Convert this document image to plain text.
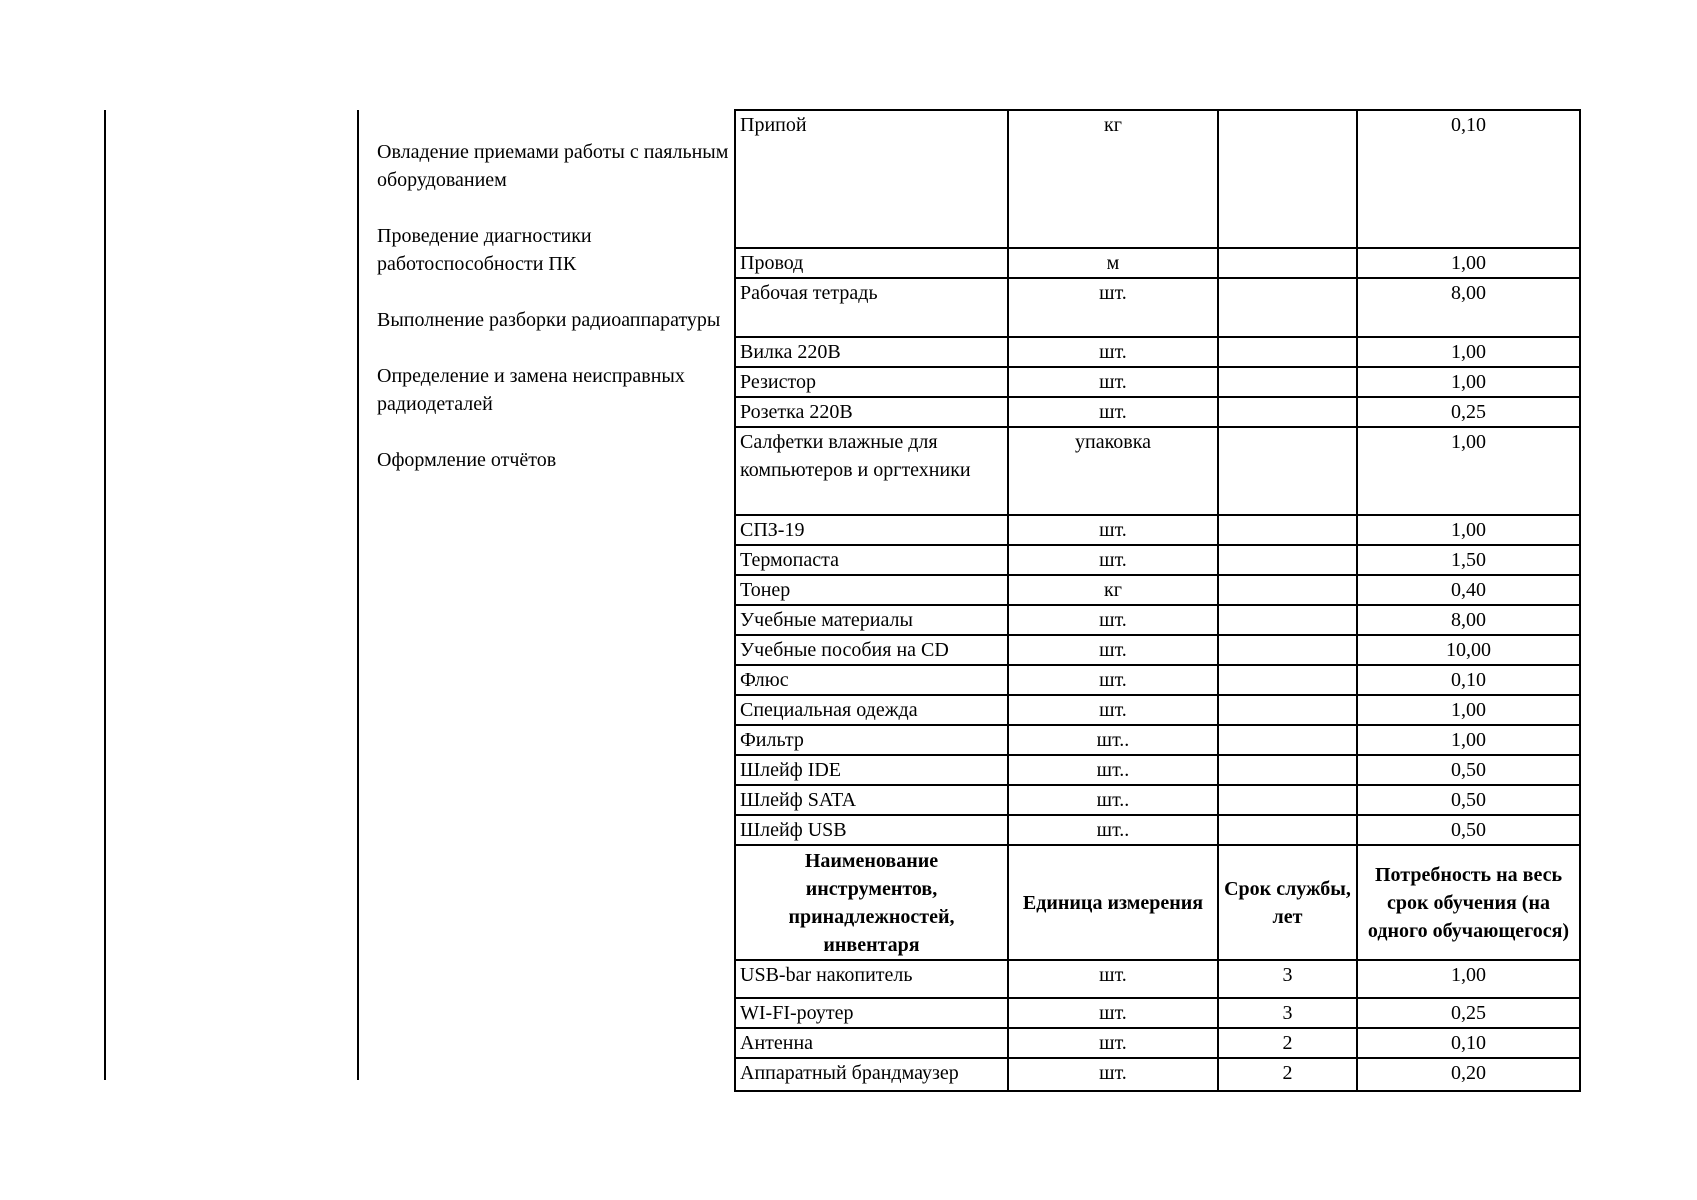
Овладение приемами работы с паяльным оборудованием
Проведение диагностики работоспособности ПК
Выполнение разборки радиоаппаратуры
Определение и замена неисправных радиодеталей
Оформление отчётов
Припой	кг		0,10
Провод	м		1,00
Рабочая тетрадь	шт.		8,00
Вилка 220В	шт.		1,00
Резистор	шт.		1,00
Розетка 220В	шт.		0,25
Салфетки влажные для компьютеров и оргтехники	упаковка		1,00
СПЗ-19	шт.		1,00
Термопаста	шт.		1,50
Тонер	кг		0,40
Учебные материалы	шт.		8,00
Учебные пособия на CD	шт.		10,00
Флюс	шт.		0,10
Специальная одежда	шт.		1,00
Фильтр	шт..		1,00
Шлейф IDE	шт..		0,50
Шлейф SATA	шт..		0,50
Шлейф USB	шт..		0,50
Наименование инструментов, принадлежностей, инвентаря	Единица измерения	Срок службы, лет	Потребность на весь срок обучения (на одного обучающегося)
USB-bar накопитель	шт.	3	1,00
WI-FI-роутер	шт.	3	0,25
Антенна	шт.	2	0,10
Аппаратный брандмаузер	шт.	2	0,20
